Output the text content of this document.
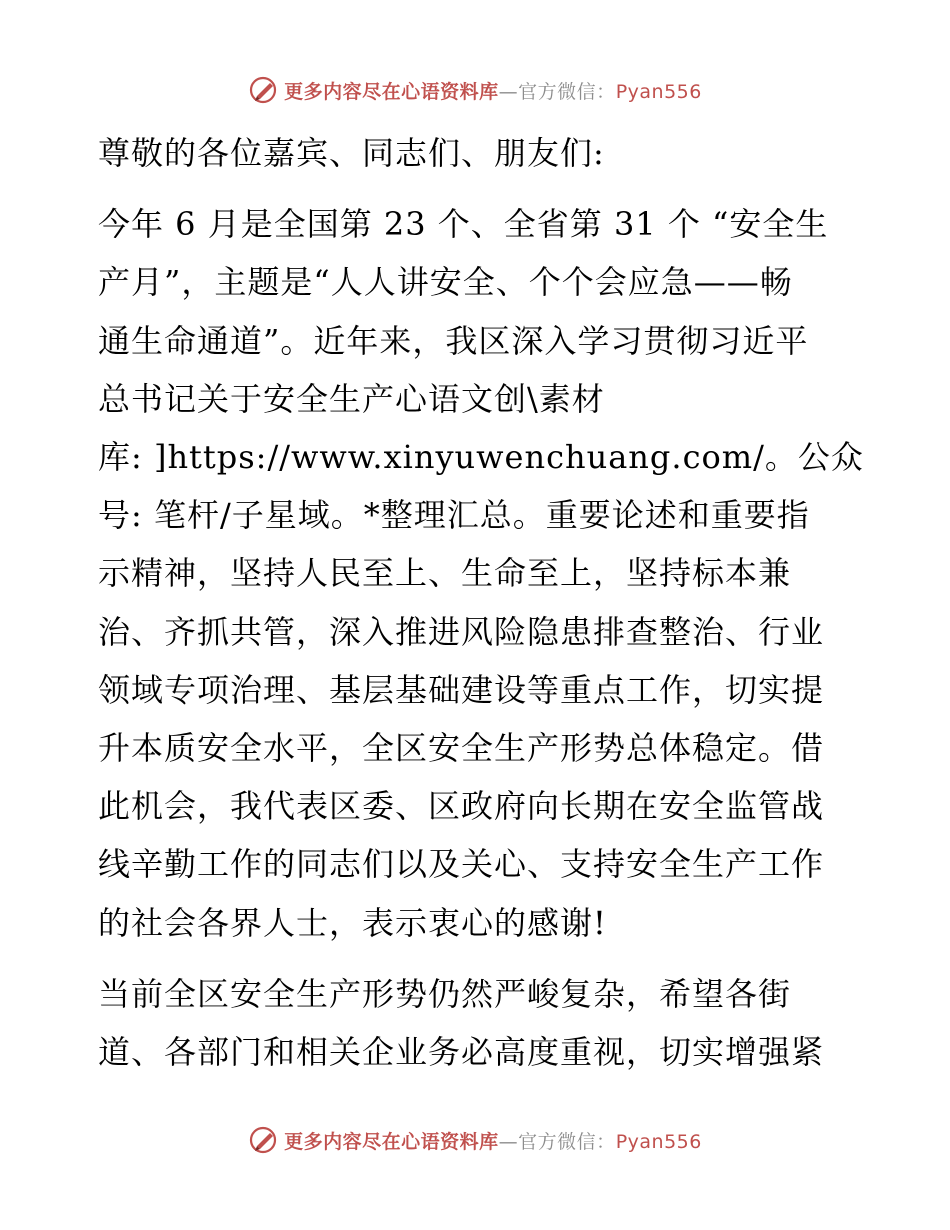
更多内容尽在心语资料库—官方微信：Pyan556

尊敬的各位嘉宾、同志们、朋友们:

今年 6 月是全国第 23 个、全省第 31 个 “安全生
产月”，主题是“人人讲安全、个个会应急——畅
通生命通道”。近年来，我区深入学习贯彻习近平
总书记关于安全生产心语文创\素材
库: ]https://www.xinyuwenchuang.com/。公众
号: 笔杆/子星域。*整理汇总。重要论述和重要指
示精神，坚持人民至上、生命至上，坚持标本兼
治、齐抓共管，深入推进风险隐患排查整治、行业
领域专项治理、基层基础建设等重点工作，切实提
升本质安全水平，全区安全生产形势总体稳定。借
此机会，我代表区委、区政府向长期在安全监管战
线辛勤工作的同志们以及关心、支持安全生产工作
的社会各界人士，表示衷心的感谢!

当前全区安全生产形势仍然严峻复杂，希望各街
道、各部门和相关企业务必高度重视，切实增强紧

更多内容尽在心语资料库—官方微信：Pyan556
